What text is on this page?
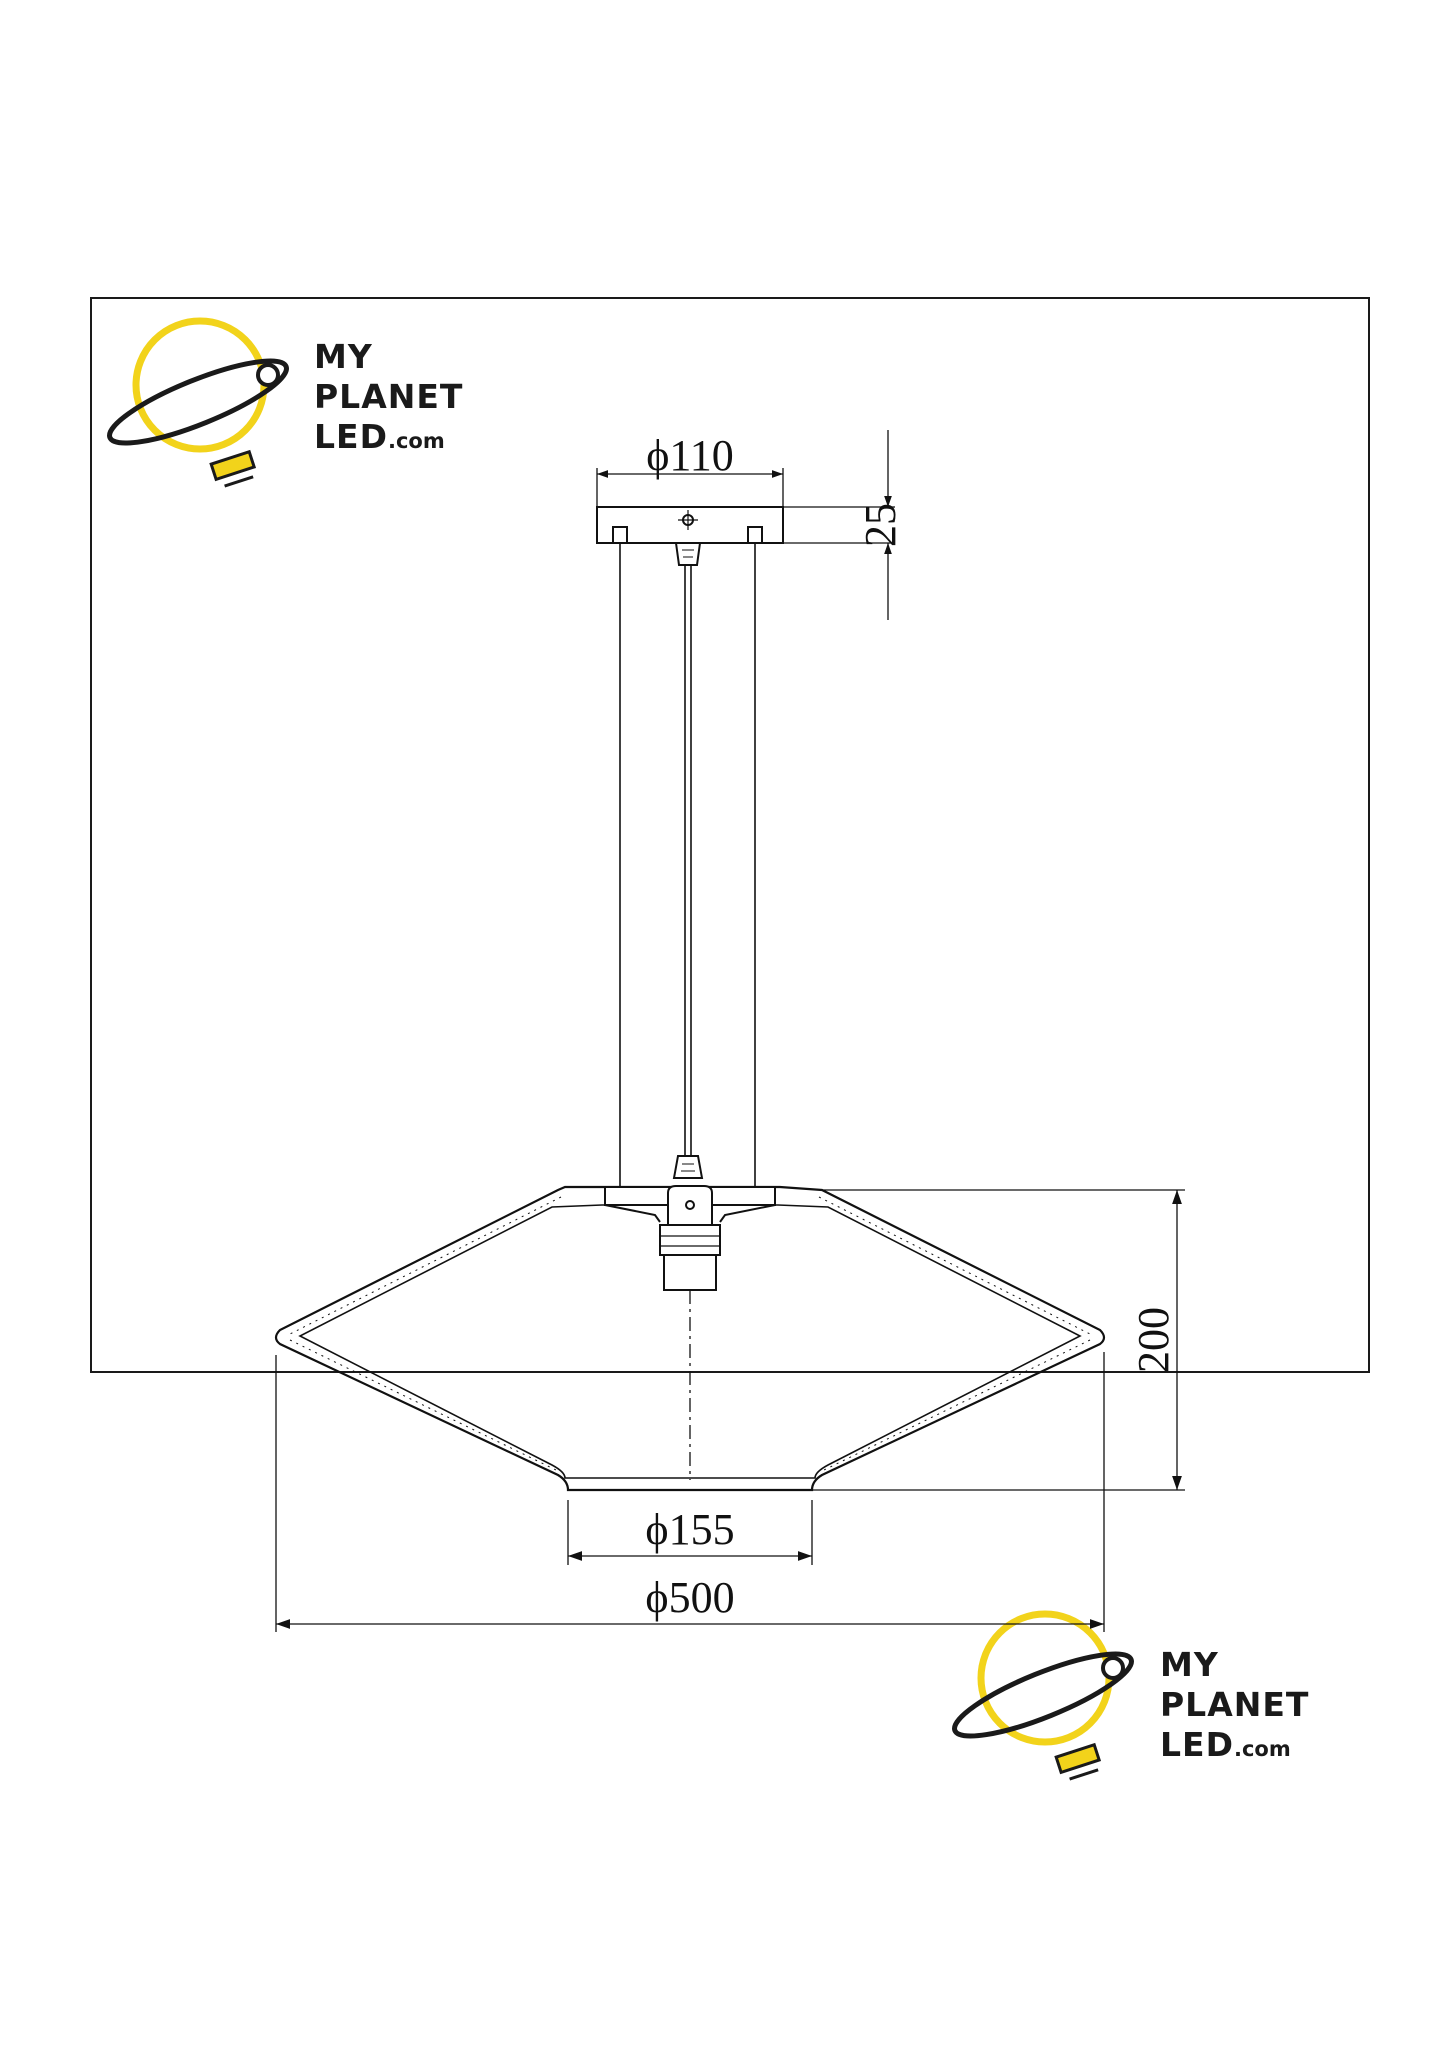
MY
PLANET
LED.com
MY
PLANET
LED.com
ϕ110
25
200
ϕ155
ϕ500
